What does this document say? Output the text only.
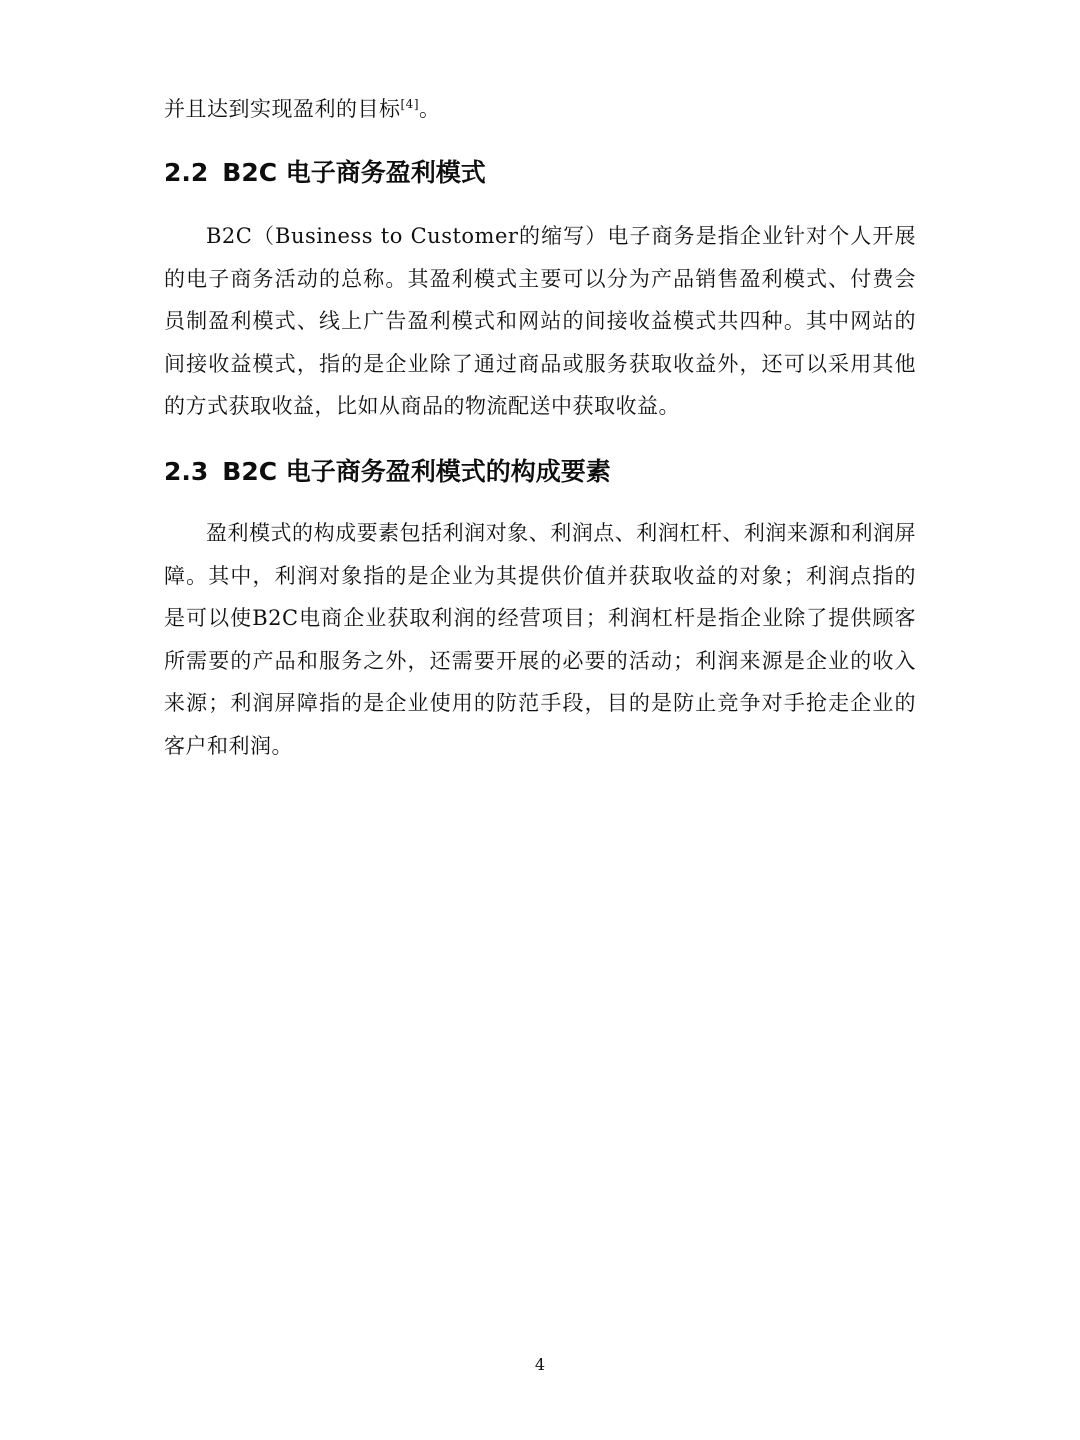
并且达到实现盈利的目标[4]。
2.2 B2C 电子商务盈利模式
B2C（Business to Customer的缩写）电子商务是指企业针对个人开展的电子商务活动的总称。其盈利模式主要可以分为产品销售盈利模式、付费会员制盈利模式、线上广告盈利模式和网站的间接收益模式共四种。其中网站的间接收益模式，指的是企业除了通过商品或服务获取收益外，还可以采用其他的方式获取收益，比如从商品的物流配送中获取收益。
2.3 B2C 电子商务盈利模式的构成要素
盈利模式的构成要素包括利润对象、利润点、利润杠杆、利润来源和利润屏障。其中，利润对象指的是企业为其提供价值并获取收益的对象；利润点指的是可以使B2C电商企业获取利润的经营项目；利润杠杆是指企业除了提供顾客所需要的产品和服务之外，还需要开展的必要的活动；利润来源是企业的收入来源；利润屏障指的是企业使用的防范手段，目的是防止竞争对手抢走企业的客户和利润。
4
